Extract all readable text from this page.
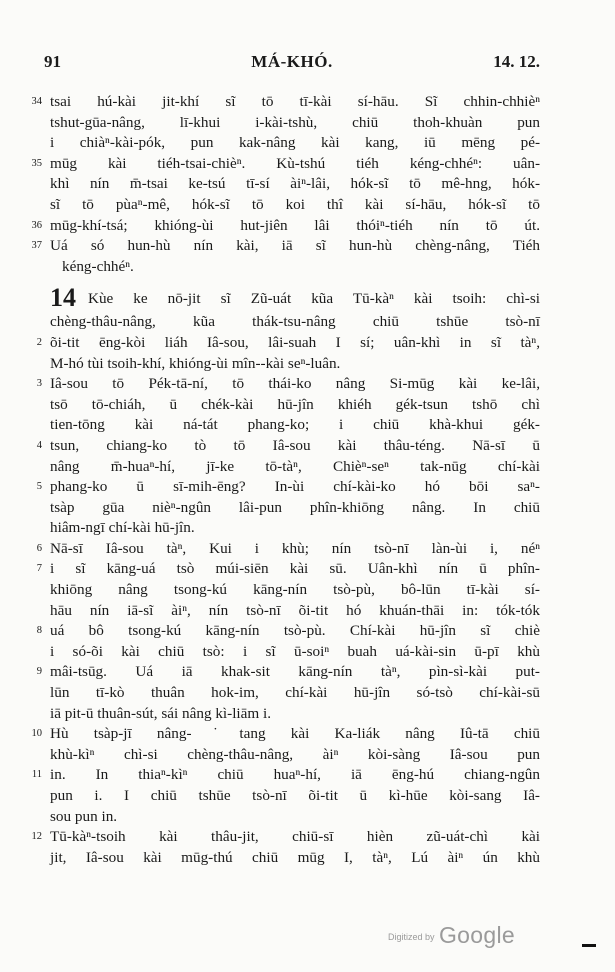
91	MÁ-KHÓ.	14. 12.
34 tsai hú-kài jit-khí sĩ tō tī-kài sí-hāu. Sĩ chhin-chhièⁿ
tshut-gūa-nâng, lī-khui i-kài-tshù, chiū thoh-khuàn pun
i chiàⁿ-kài-pók, pun kak-nâng kài kang, iū mēng pé-
35 mūg kài tiéh-tsai-chièⁿ. Kù-tshú tiéh kéng-chhéⁿ: uân-
khì nín m̄-tsai ke-tsú tī-sí àiⁿ-lâi, hók-sĩ tō mê-hng, hók-
sĩ tō pùaⁿ-mê, hók-sĩ tō koi thî kài sí-hāu, hók-sĩ tō
36 mūg-khí-tsá; khióng-ùi hut-jiên lâi thóiⁿ-tiéh nín tō út.
37 Uá só hun-hù nín kài, iā sĩ hun-hù chèng-nâng, Tiéh
kéng-chhéⁿ.
14 Kùe ke nō-jit sĩ Zũ-uát kũa Tū-kàⁿ kài tsoih: chì-si
chèng-thâu-nâng, kũa thák-tsu-nâng chiū tshūe tsò-nī
2 õi-tit ēng-kòi liáh Iâ-sou, lâi-suah I sí; uân-khì in sĩ tàⁿ,
M-hó tùi tsoih-khí, khióng-ùi mîn--kài seⁿ-luân.
3 Iâ-sou tō Pék-tā-ní, tō thái-ko nâng Si-mūg kài ke-lâi,
tsō tō-chiáh, ū chék-kài hū-jîn khiéh gék-tsun tshō chì
tien-tōng kài ná-tát phang-ko; i chiū khà-khui gék-
4 tsun, chiang-ko tò tō Iâ-sou kài thâu-téng. Nā-sī ū
nâng m̄-huaⁿ-hí, jī-ke tō-tàⁿ, Chièⁿ-seⁿ tak-nūg chí-kài
5 phang-ko ū sī-mih-ēng? In-ùi chí-kài-ko hó bōi saⁿ-
tsàp gūa nièⁿ-ngûn lâi-pun phîn-khiōng nâng. In chiū
hiâm-ngī chí-kài hū-jîn.
6 Nā-sī Iâ-sou tàⁿ, Kui i khù; nín tsò-nī làn-ùi i, néⁿ
7 i sĩ kāng-uá tsò múi-siēn kài sū. Uân-khì nín ū phîn-
khiōng nâng tsong-kú kāng-nín tsò-pù, bô-lūn tī-kài sí-
hāu nín iā-sĩ àiⁿ, nín tsò-nī õi-tit hó khuán-thāi in: tók-tók
8 uá bô tsong-kú kāng-nín tsò-pù. Chí-kài hū-jîn sĩ chiè
i só-õi kài chiū tsò: i sĩ ū-soiⁿ buah uá-kài-sin ū-pī khù
9 mâi-tsūg. Uá iā khak-sit kāng-nín tàⁿ, pìn-sì-kài put-
lūn tī-kò thuân hok-im, chí-kài hū-jîn só-tsò chí-kài-sū
iā pit-ū thuân-sút, sái nâng kì-liām i.
10 Hù tsàp-jī nâng-˙tang kài Ka-liák nâng Iû-tā chiū
khù-kìⁿ chì-si chèng-thâu-nâng, àiⁿ kòi-sàng Iâ-sou pun
11 in. In thiaⁿ-kìⁿ chiū huaⁿ-hí, iā ēng-hú chiang-ngûn
pun i. I chiū tshūe tsò-nī õi-tit ū kì-hūe kòi-sang Iâ-
sou pun in.
12 Tū-kàⁿ-tsoih kài thâu-jit, chiū-sī hièn zũ-uát-chì kài
jit, Iâ-sou kài mūg-thú chiū mūg I, tàⁿ, Lú àiⁿ ún khù
Digitized by Google
